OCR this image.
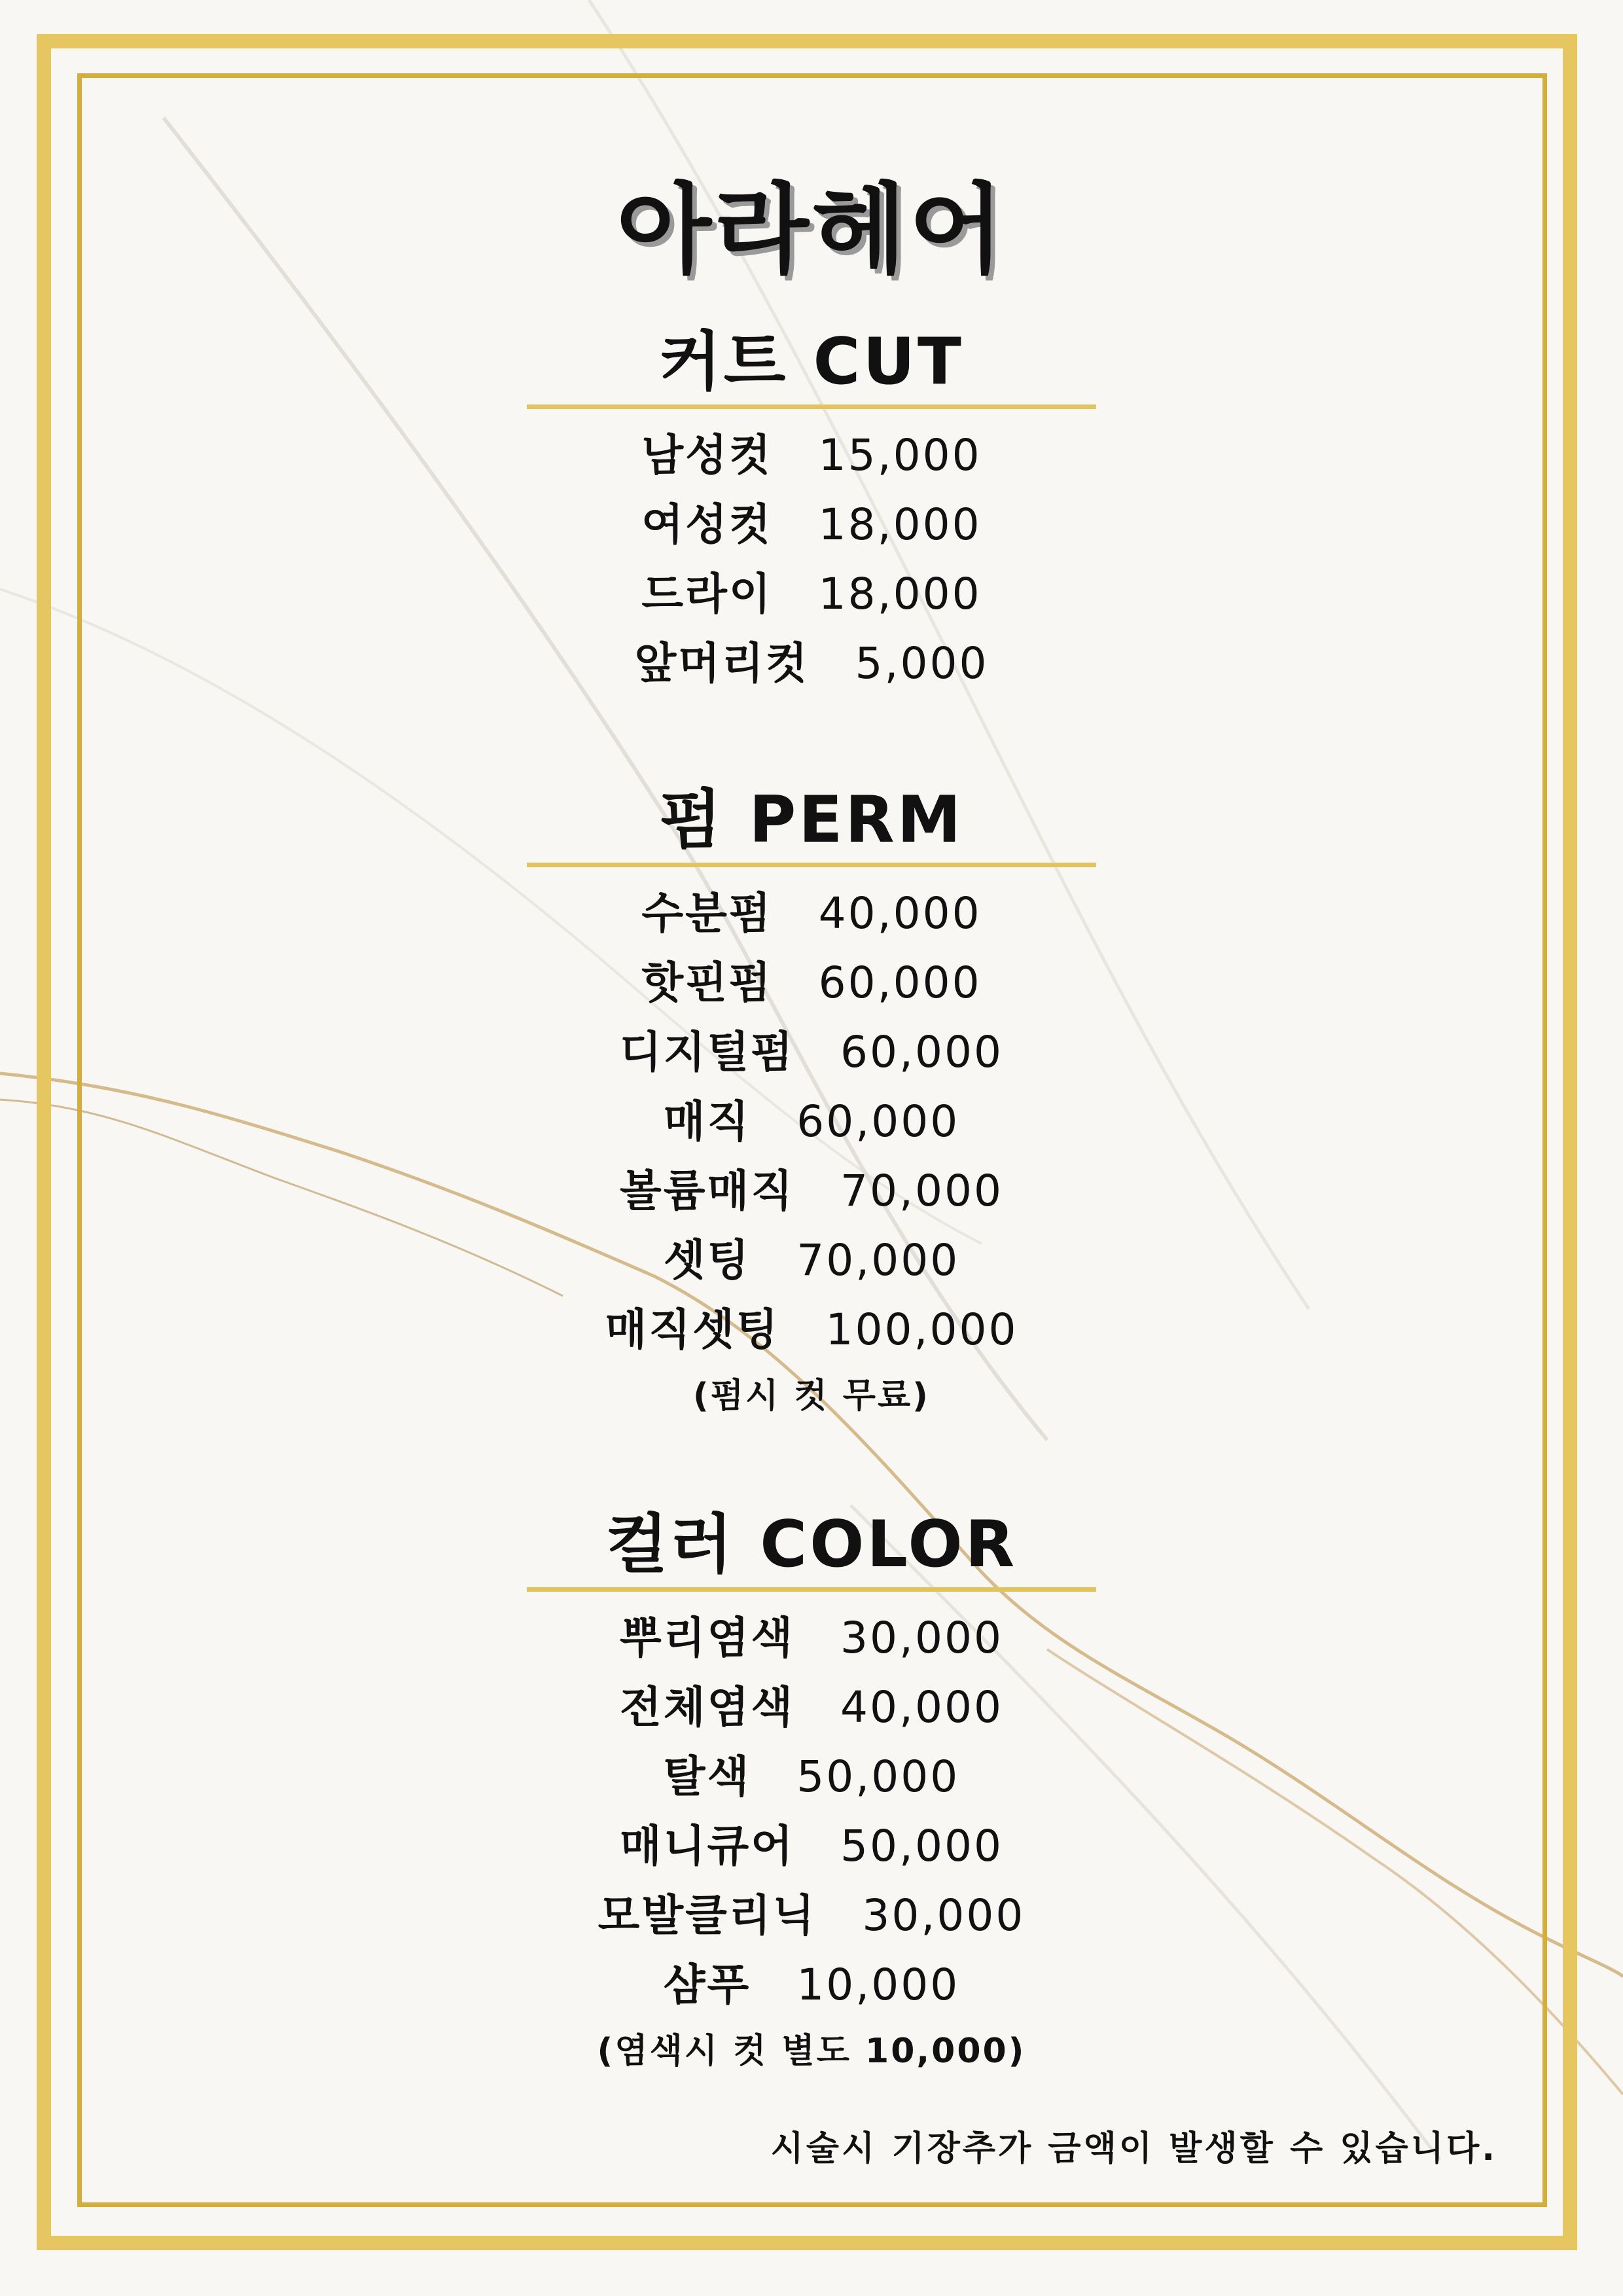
아라헤어
커트 CUT
남성컷 15,000
여성컷 18,000
드라이 18,000
앞머리컷 5,000
펌 PERM
수분펌 40,000
핫핀펌 60,000
디지털펌 60,000
매직 60,000
볼륨매직 70,000
셋팅 70,000
매직셋팅 100,000
(펌시 컷 무료)
컬러 COLOR
뿌리염색 30,000
전체염색 40,000
탈색 50,000
매니큐어 50,000
모발클리닉 30,000
샴푸 10,000
(염색시 컷 별도 10,000)
시술시 기장추가 금액이 발생할 수 있습니다.
